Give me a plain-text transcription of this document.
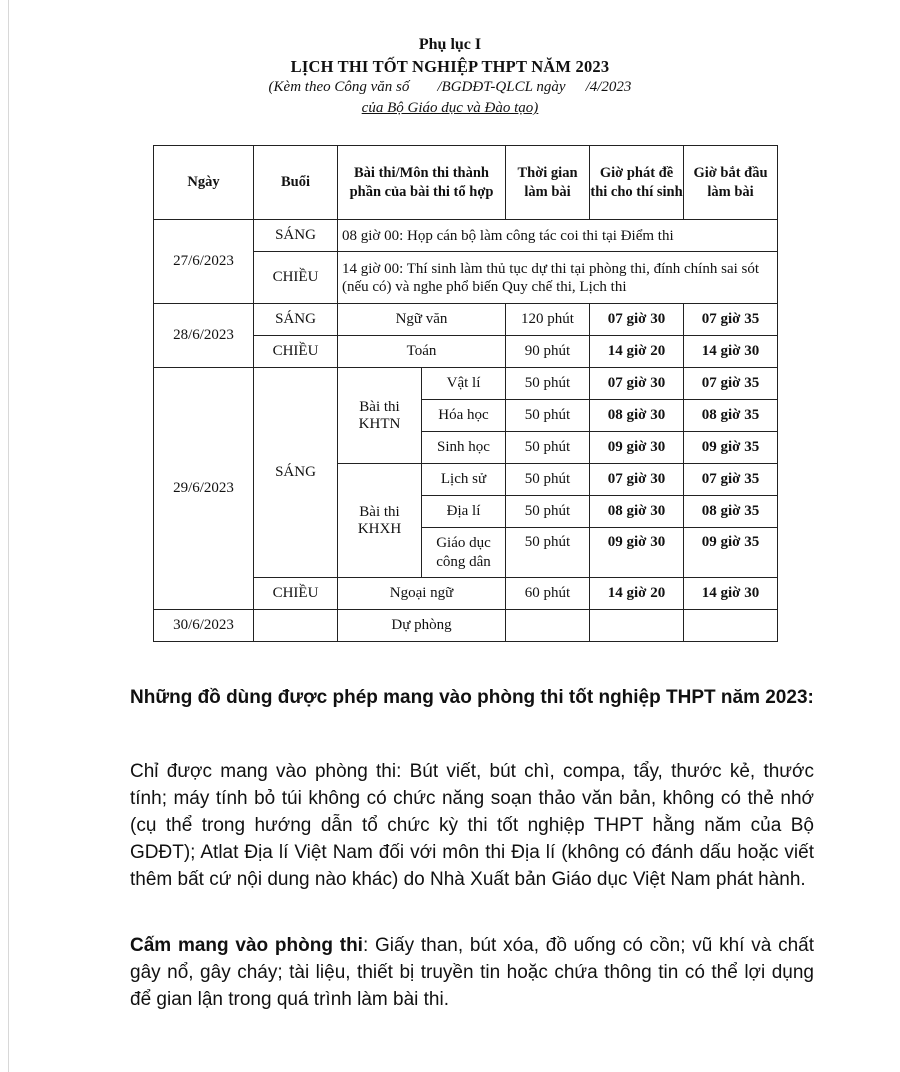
Phụ lục I
LỊCH THI TỐT NGHIỆP THPT NĂM 2023
(Kèm theo Công văn số /BGDĐT-QLCL ngày /4/2023
của Bộ Giáo dục và Đào tạo)
Ngày	Buổi	Bài thi/Môn thi thành phần của bài thi tổ hợp		Thời gian làm bài	Giờ phát đề thi cho thí sinh	Giờ bắt đầu làm bài
27/6/2023	SÁNG	08 giờ 00: Họp cán bộ làm công tác coi thi tại Điểm thi				
	CHIỀU	14 giờ 00: Thí sinh làm thủ tục dự thi tại phòng thi, đính chính sai sót (nếu có) và nghe phổ biến Quy chế thi, Lịch thi				
28/6/2023	SÁNG	Ngữ văn		120 phút	07 giờ 30	07 giờ 35
	CHIỀU	Toán		90 phút	14 giờ 20	14 giờ 30
29/6/2023	SÁNG	Bài thi KHTN	Vật lí	50 phút	07 giờ 30	07 giờ 35
			Hóa học	50 phút	08 giờ 30	08 giờ 35
			Sinh học	50 phút	09 giờ 30	09 giờ 35
		Bài thi KHXH	Lịch sử	50 phút	07 giờ 30	07 giờ 35
			Địa lí	50 phút	08 giờ 30	08 giờ 35
			Giáo dục công dân	50 phút	09 giờ 30	09 giờ 35
	CHIỀU	Ngoại ngữ		60 phút	14 giờ 20	14 giờ 30
30/6/2023		Dự phòng				
Những đồ dùng được phép mang vào phòng thi tốt nghiệp THPT năm 2023:
Chỉ được mang vào phòng thi: Bút viết, bút chì, compa, tẩy, thước kẻ, thước tính; máy tính bỏ túi không có chức năng soạn thảo văn bản, không có thẻ nhớ (cụ thể trong hướng dẫn tổ chức kỳ thi tốt nghiệp THPT hằng năm của Bộ GDĐT); Atlat Địa lí Việt Nam đối với môn thi Địa lí (không có đánh dấu hoặc viết thêm bất cứ nội dung nào khác) do Nhà Xuất bản Giáo dục Việt Nam phát hành.
Cấm mang vào phòng thi: Giấy than, bút xóa, đồ uống có cồn; vũ khí và chất gây nổ, gây cháy; tài liệu, thiết bị truyền tin hoặc chứa thông tin có thể lợi dụng để gian lận trong quá trình làm bài thi.
